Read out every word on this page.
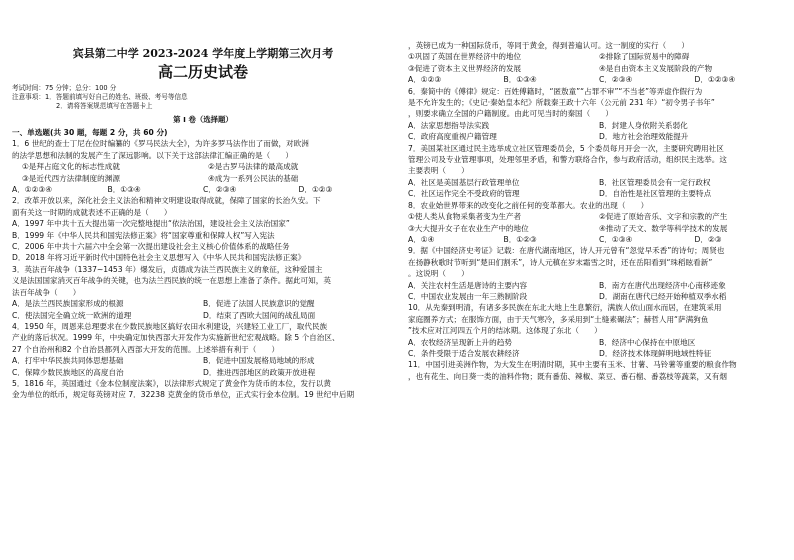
宾县第二中学 2023-2024 学年度上学期第三次月考
高二历史试卷
考试时间：75 分钟；总分：100 分
注意事项：1．答题前填写好自己的姓名、班级、考号等信息
2．请将答案规范填写在答题卡上
第 I 卷（选择题）
一、单选题(共 30 题，每题 2 分，共 60 分)
1．6 世纪的查士丁尼在位时编纂的《罗马民法大全》，为许多罗马法作出了而做，对欧洲
的法学思想和法制的发展产生了深远影响。以下关于这部法律汇编正确的是（　　）
①是拜占庭文化的标志性成就	②是古罗马法律的最高成就
③是近代西方法律制度的渊源	④成为一系列公民法的基础
A．①②③④	B．①③④	C．②③④	D．①②③
2．改革开放以来，深化社会主义法治和精神文明建设取得成就，保障了国家的长治久安。下
面有关这一时期的成就表述不正确的是（　　）
A．1997 年中共十五大提出第一次完整地提出“依法治国，建设社会主义法治国家”
B．1999 年《中华人民共和国宪法修正案》将“国家尊重和保障人权”写入宪法
C．2006 年中共十六届六中全会第一次提出建设社会主义核心价值体系的战略任务
D．2018 年将习近平新时代中国特色社会主义思想写入《中华人民共和国宪法修正案》
3．英法百年战争（1337~1453 年）爆发后，贞德成为法兰西民族主义的象征，这种爱国主
义是法国国家消灭百年战争的关键，也为法兰西民族的统一在思想上准备了条件。据此可知，英
法百年战争（　　）
A．是法兰西民族国家形成的根源	B．促进了法国人民族意识的觉醒
C．使法国完全确立统一欧洲的道理	D．结束了西欧大国间的战乱局面
4．1950 年，周恩来总理要求在少数民族地区搞好农田水利建设，兴建轻工业工厂，取代民族
产业的落后状况。1999 年，中央确定加快西部大开发作为实施新世纪宏观战略。除 5 个自治区、
27 个自治州和82 个自治县都列入西部大开发的范围。上述举措有利于（　　）
A．打牢中华民族共同体思想基础	B．促进中国发展格局地域的形成
C．保障少数民族地区的高度自治	D．推进西部地区的政策开放进程
5．1816 年，英国通过《金本位制度法案》，以法律形式规定了黄金作为货币的本位，发行以黄
金为单位的纸币，规定每英镑对应 7．32238 克黄金的货币单位，正式实行金本位制。19 世纪中后期
，英镑已成为一种国际货币，等同于黄金，得到普遍认可。这一制度的实行（　　）
①巩固了英国在世界经济中的地位	②排除了国际贸易中的障碍
③促进了资本主义世界经济的发展	④是自由资本主义发展阶段的产物
A．①②③	B．①③④	C．②③④	D．①②③④
6．秦简中的《傅律》规定：百姓傅籍时，“匿敖童”“占罪不审”“不当老”等弄虚作假行为
是不允许发生的；《史记·秦始皇本纪》所载秦王政十六年（公元前 231 年）“初令男子书年”
，则要求确立全国的户籍制度。由此可见当时的秦国（　　）
A．法家思想指导法实践	B．封建人身依附关系弱化
C．政府高度重视户籍管理	D．地方社会治理效能提升
7．美国某社区通过民主选举成立社区管理委员会，5 个委员每月开会一次，主要研究聘用社区
管理公司及专业管理事项，处理邻里矛盾，和警方联络合作，参与政府活动，组织民主选举。这
主要表明（　　）
A．社区是美国基层行政管理单位	B．社区管理委员会有一定行政权
C．社区运作完全不受政府的管理	D．自治性是社区管理的主要特点
8．农业始世界带来的改变化之前任何的变革都大。农业的出现（　　）
①使人类从食物采集者变为生产者	②促进了原始音乐、文字和宗教的产生
③大大提升女子在农业生产中的地位	④推动了天文、数学等科学技术的发展
A．①④	B．①②③	C．①③④	D．②③
9．据《中国经济史考证》记载：在唐代湖南地区，诗人开元曾有“忽觉早禾香”的诗句；周贤也
在扬静秋歌时节听到“楚田们割禾”，诗人元稹在岁末霜雪之时，还在岳阳看到“珠稻眩看新”
。这说明（　　）
A．关注农村生活是唐诗的主要内容	B．南方在唐代出现经济中心南移迹象
C．中国农业发展由一年三熟制阶段	D．湖南在唐代已经开始种植双季水稻
10．从先秦到明清，有诸多多民族在东北大地上生息繁衍，满族人依山面水而居，在建筑采用
家庭圈养方式；在服饰方面，由于天气寒冷，多采用到“土缝素碾法”；赫哲人用“萨满狗鱼
”技术应对江河四五个月的结冰期。这体现了东北（　　）
A．农牧经济呈现新上升的趋势	B．经济中心保持在中原地区
C．条件受限于适合发展农耕经济	D．经济技术体现鲜明地域性特征
11．中国引进美洲作物，为大发生在明清时期，其中主要有玉米、甘薯、马铃薯等重要的粮食作物
，也有花生、向日葵一类的油料作物；既有番茄、辣椒、菜豆、番石榴、番荔枝等蔬菜，又有烟
